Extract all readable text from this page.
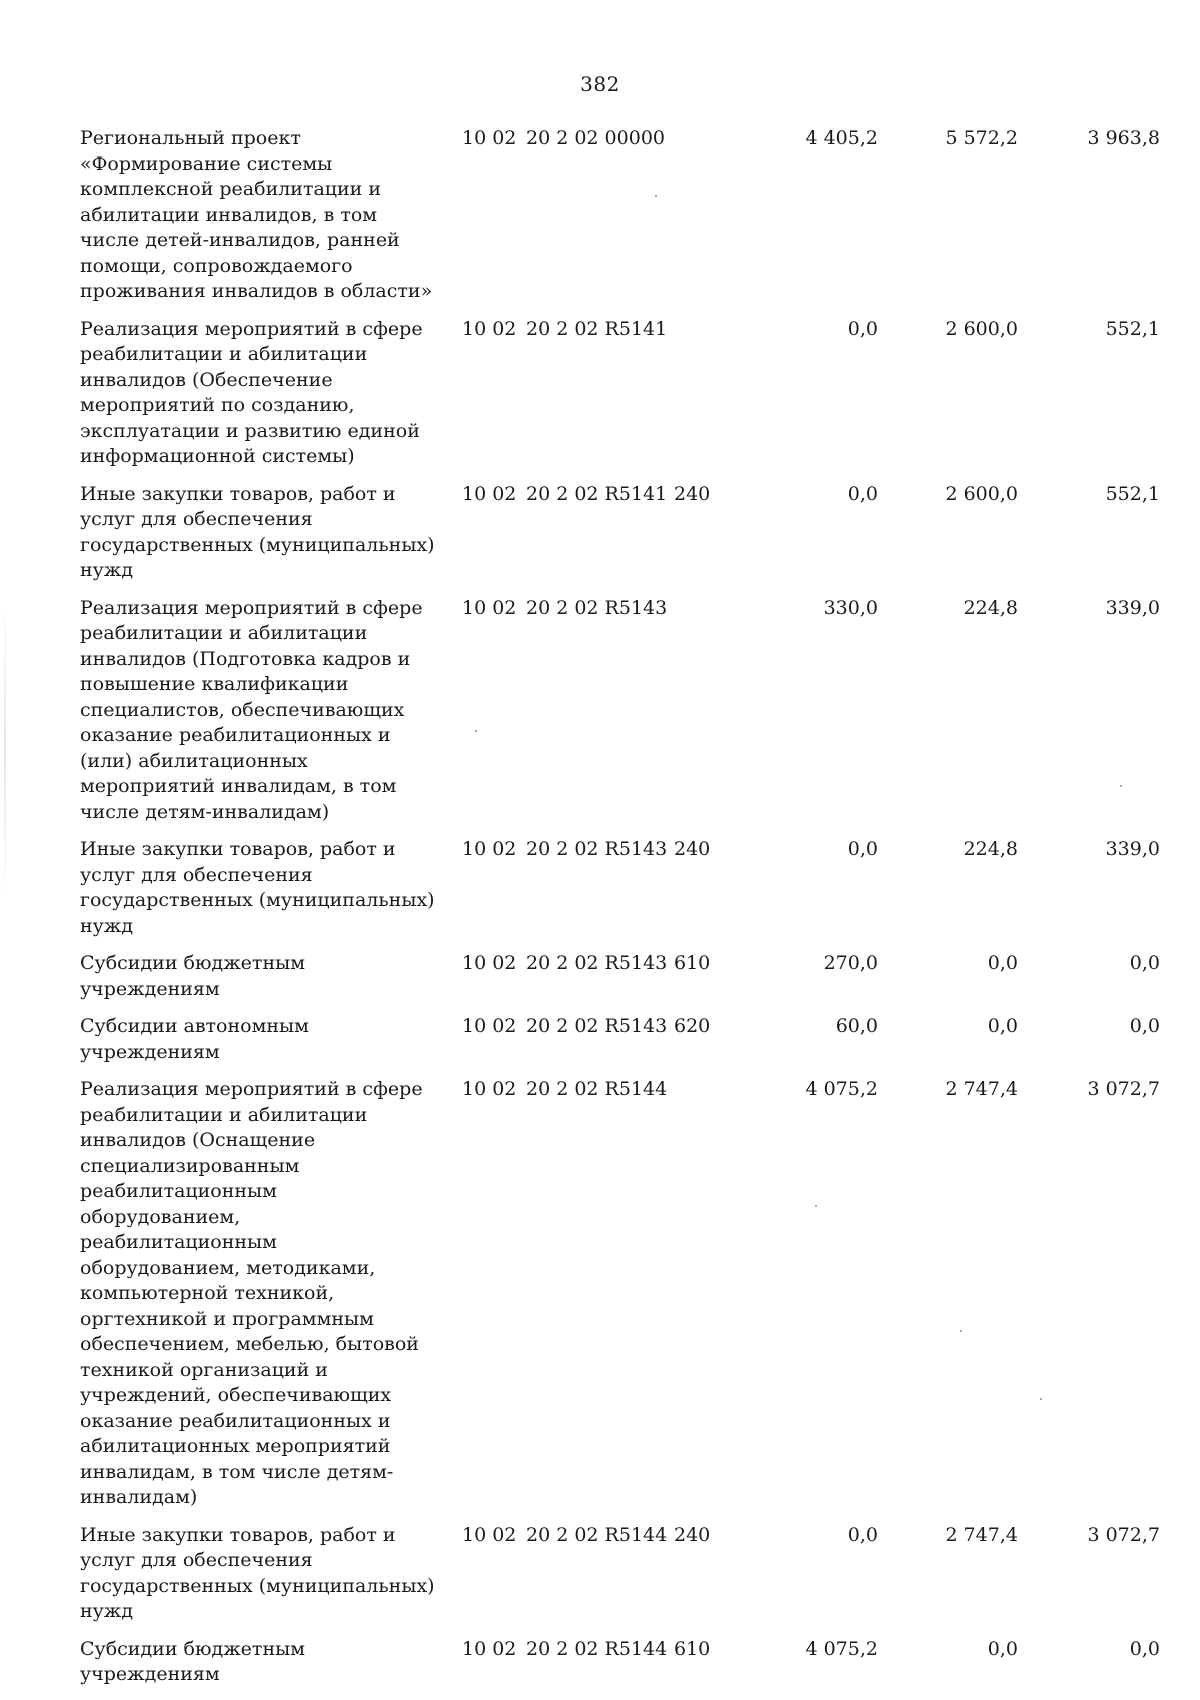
382
Региональный проект «Формирование системы комплексной реабилитации и абилитации инвалидов, в том числе детей-инвалидов, ранней помощи, сопровождаемого проживания инвалидов в области»	10 02	20 2 02 00000		4 405,2	5 572,2	3 963,8
Реализация мероприятий в сфере реабилитации и абилитации инвалидов (Обеспечение мероприятий по созданию, эксплуатации и развитию единой информационной системы)	10 02	20 2 02 R5141		0,0	2 600,0	552,1
Иные закупки товаров, работ и услуг для обеспечения государственных (муниципальных) нужд	10 02	20 2 02 R5141	240	0,0	2 600,0	552,1
Реализация мероприятий в сфере реабилитации и абилитации инвалидов (Подготовка кадров и повышение квалификации специалистов, обеспечивающих оказание реабилитационных и (или) абилитационных мероприятий инвалидам, в том числе детям-инвалидам)	10 02	20 2 02 R5143		330,0	224,8	339,0
Иные закупки товаров, работ и услуг для обеспечения государственных (муниципальных) нужд	10 02	20 2 02 R5143	240	0,0	224,8	339,0
Субсидии бюджетным учреждениям	10 02	20 2 02 R5143	610	270,0	0,0	0,0
Субсидии автономным учреждениям	10 02	20 2 02 R5143	620	60,0	0,0	0,0
Реализация мероприятий в сфере реабилитации и абилитации инвалидов (Оснащение специализированным реабилитационным оборудованием, реабилитационным оборудованием, методиками, компьютерной техникой, оргтехникой и программным обеспечением, мебелью, бытовой техникой организаций и учреждений, обеспечивающих оказание реабилитационных и абилитационных мероприятий инвалидам, в том числе детям-инвалидам)	10 02	20 2 02 R5144		4 075,2	2 747,4	3 072,7
Иные закупки товаров, работ и услуг для обеспечения государственных (муниципальных) нужд	10 02	20 2 02 R5144	240	0,0	2 747,4	3 072,7
Субсидии бюджетным учреждениям	10 02	20 2 02 R5144	610	4 075,2	0,0	0,0
